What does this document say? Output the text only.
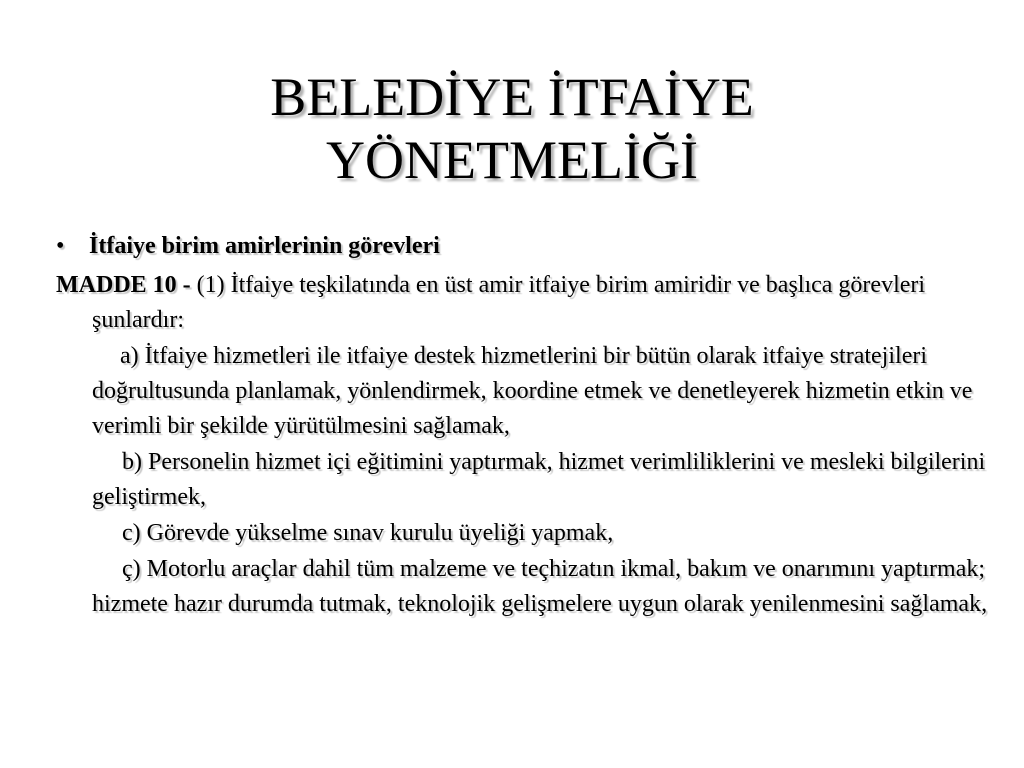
BELEDİYE İTFAİYE
YÖNETMELİĞİ
• İtfaiye birim amirlerinin görevleri
MADDE 10 - (1) İtfaiye teşkilatında en üst amir itfaiye birim amiridir ve başlıca görevleri şunlardır:
a) İtfaiye hizmetleri ile itfaiye destek hizmetlerini bir bütün olarak itfaiye stratejileri doğrultusunda planlamak, yönlendirmek, koordine etmek ve denetleyerek hizmetin etkin ve verimli bir şekilde yürütülmesini sağlamak,
b) Personelin hizmet içi eğitimini yaptırmak, hizmet verimliliklerini ve mesleki bilgilerini geliştirmek,
c) Görevde yükselme sınav kurulu üyeliği yapmak,
ç) Motorlu araçlar dahil tüm malzeme ve teçhizatın ikmal, bakım ve onarımını yaptırmak; hizmete hazır durumda tutmak, teknolojik gelişmelere uygun olarak yenilenmesini sağlamak,
